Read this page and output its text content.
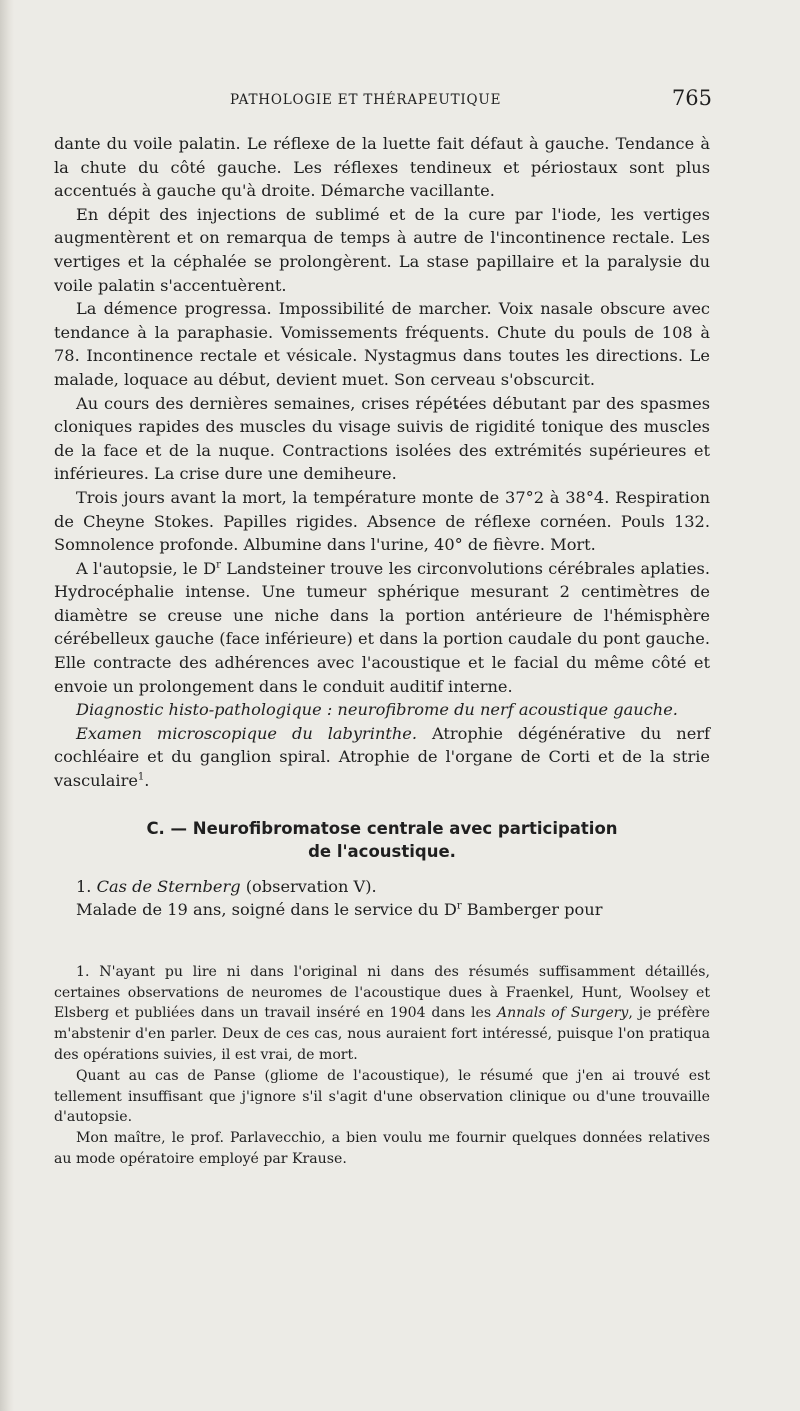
PATHOLOGIE ET THÉRAPEUTIQUE	765

dante du voile palatin. Le réflexe de la luette fait défaut à gauche. Tendance à la chute du côté gauche. Les réflexes tendineux et périostaux sont plus accentués à gauche qu'à droite. Démarche vacillante.

En dépit des injections de sublimé et de la cure par l'iode, les vertiges augmentèrent et on remarqua de temps à autre de l'incontinence rectale. Les vertiges et la céphalée se prolongèrent. La stase papillaire et la paralysie du voile palatin s'accentuèrent.

La démence progressa. Impossibilité de marcher. Voix nasale obscure avec tendance à la paraphasie. Vomissements fréquents. Chute du pouls de 108 à 78. Incontinence rectale et vésicale. Nystagmus dans toutes les directions. Le malade, loquace au début, devient muet. Son cerveau s'obscurcit.

Au cours des dernières semaines, crises répétées débutant par des spasmes cloniques rapides des muscles du visage suivis de rigidité tonique des muscles de la face et de la nuque. Contractions isolées des extrémités supérieures et inférieures. La crise dure une demiheure.

Trois jours avant la mort, la température monte de 37°2 à 38°4. Respiration de Cheyne Stokes. Papilles rigides. Absence de réflexe cornéen. Pouls 132. Somnolence profonde. Albumine dans l'urine, 40° de fièvre. Mort.

A l'autopsie, le $D^r$ Landsteiner trouve les circonvolutions cérébrales aplaties. Hydrocéphalie intense. Une tumeur sphérique mesurant 2 centimètres de diamètre se creuse une niche dans la portion antérieure de l'hémisphère cérébelleux gauche (face inférieure) et dans la portion caudale du pont gauche. Elle contracte des adhérences avec l'acoustique et le facial du même côté et envoie un prolongement dans le conduit auditif interne.

Diagnostic histo-pathologique : neurofibrome du nerf acoustique gauche.

Examen microscopique du labyrinthe. Atrophie dégénérative du nerf cochléaire et du ganglion spiral. Atrophie de l'organe de Corti et de la strie vasculaire$^1$.

C. — Neurofibromatose centrale avec participation
de l'acoustique.

1. Cas de Sternberg (observation V).

Malade de 19 ans, soigné dans le service du $D^r$ Bamberger pour

1. N'ayant pu lire ni dans l'original ni dans des résumés suffisamment détaillés, certaines observations de neuromes de l'acoustique dues à Fraenkel, Hunt, Woolsey et Elsberg et publiées dans un travail inséré en 1904 dans les Annals of Surgery, je préfère m'abstenir d'en parler. Deux de ces cas, nous auraient fort intéressé, puisque l'on pratiqua des opérations suivies, il est vrai, de mort.

Quant au cas de Panse (gliome de l'acoustique), le résumé que j'en ai trouvé est tellement insuffisant que j'ignore s'il s'agit d'une observation clinique ou d'une trouvaille d'autopsie.

Mon maître, le prof. Parlavecchio, a bien voulu me fournir quelques données relatives au mode opératoire employé par Krause.
